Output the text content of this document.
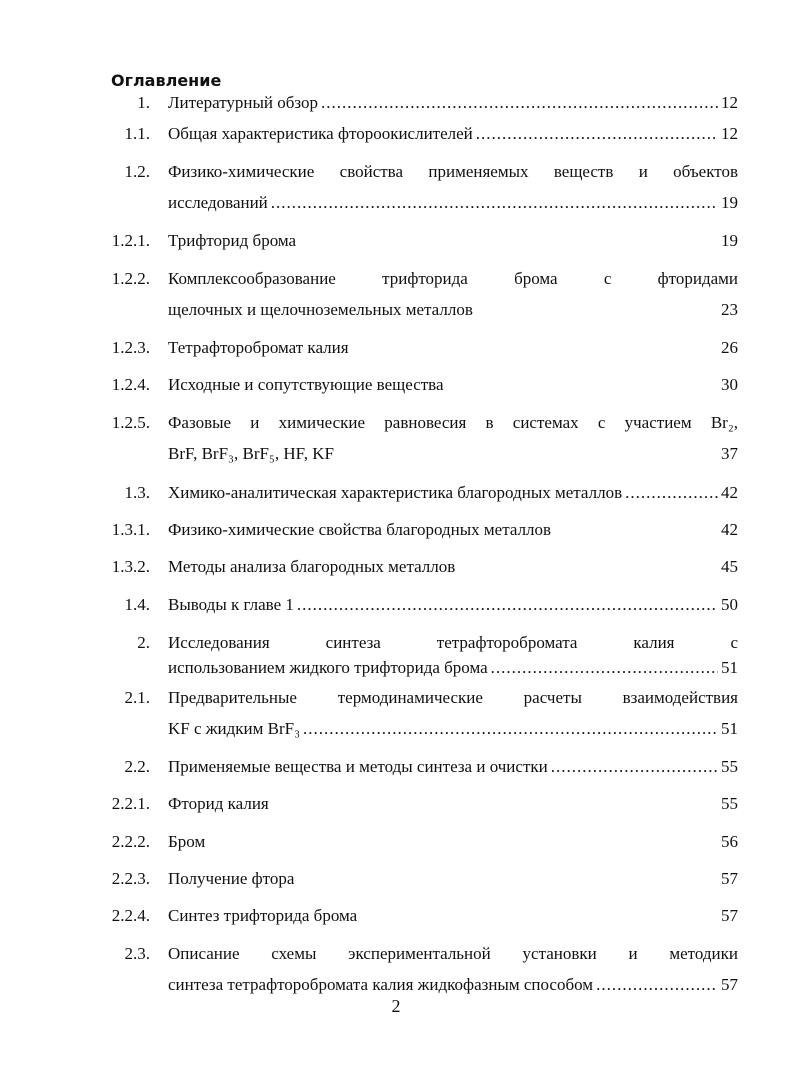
Оглавление
1. Литературный обзор .....	12
1.1. Общая характеристика фтороокислителей .....	12
1.2. Физико-химические свойства применяемых веществ и объектов
исследований .....	19
1.2.1. Трифторид брома	19
1.2.2. Комплексообразование трифторида брома с фторидами
щелочных и щелочноземельных металлов	23
1.2.3. Тетрафторобромат калия	26
1.2.4. Исходные и сопутствующие вещества	30
1.2.5. Фазовые и химические равновесия в системах с участием Br₂,
BrF, BrF₃, BrF₅, HF, KF	37
1.3. Химико-аналитическая характеристика благородных металлов .....	42
1.3.1. Физико-химические свойства благородных металлов	42
1.3.2. Методы анализа благородных металлов	45
1.4. Выводы к главе 1 .....	50
2. Исследования синтеза тетрафторобромата калия с
использованием жидкого трифторида брома .....	51
2.1. Предварительные термодинамические расчеты взаимодействия
KF с жидким BrF₃ .....	51
2.2. Применяемые вещества и методы синтеза и очистки .....	55
2.2.1. Фторид калия	55
2.2.2. Бром	56
2.2.3. Получение фтора	57
2.2.4. Синтез трифторида брома	57
2.3. Описание схемы экспериментальной установки и методики
синтеза тетрафторобромата калия жидкофазным способом .....	57
2
